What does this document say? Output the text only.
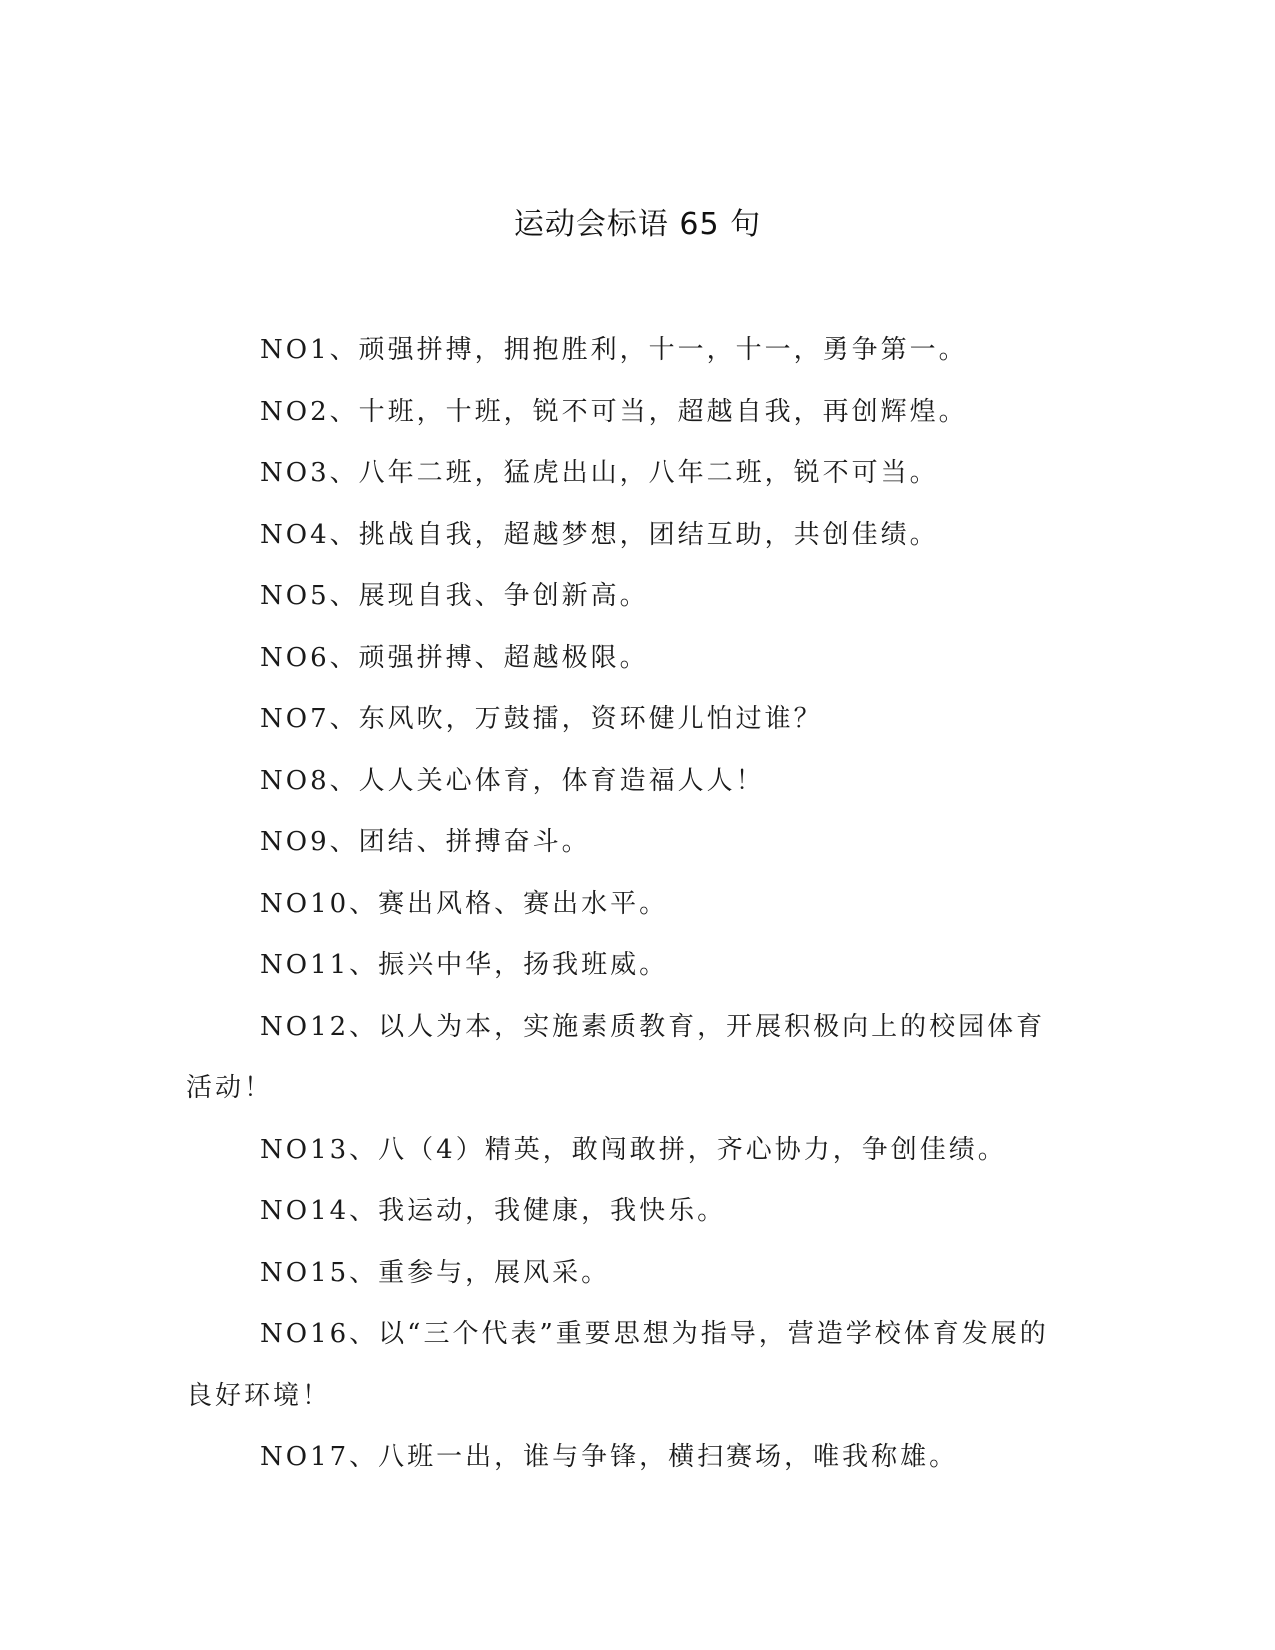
运动会标语 65 句

NO1、顽强拼搏，拥抱胜利，十一，十一，勇争第一。

NO2、十班，十班，锐不可当，超越自我，再创辉煌。

NO3、八年二班，猛虎出山，八年二班，锐不可当。

NO4、挑战自我，超越梦想，团结互助，共创佳绩。

NO5、展现自我、争创新高。

NO6、顽强拼搏、超越极限。

NO7、东风吹，万鼓擂，资环健儿怕过谁？

NO8、人人关心体育，体育造福人人！

NO9、团结、拼搏奋斗。

NO10、赛出风格、赛出水平。

NO11、振兴中华，扬我班威。

NO12、以人为本，实施素质教育，开展积极向上的校园体育活动！

NO13、八（4）精英，敢闯敢拼，齐心协力，争创佳绩。

NO14、我运动，我健康，我快乐。

NO15、重参与，展风采。

NO16、以“三个代表”重要思想为指导，营造学校体育发展的良好环境！

NO17、八班一出，谁与争锋，横扫赛场，唯我称雄。
